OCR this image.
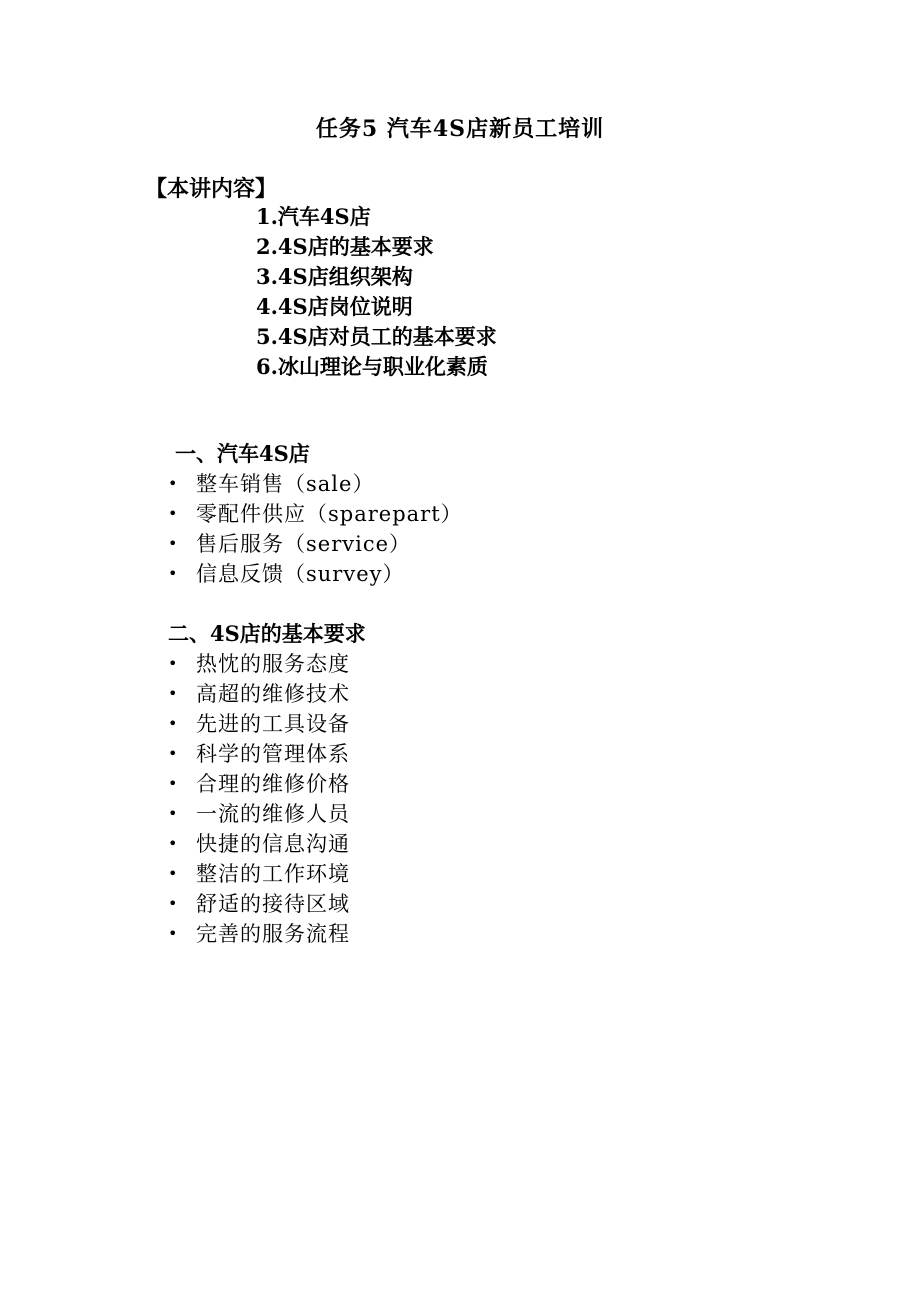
任务5 汽车4S店新员工培训
【本讲内容】
1.汽车4S店
2.4S店的基本要求
3.4S店组织架构
4.4S店岗位说明
5.4S店对员工的基本要求
6.冰山理论与职业化素质
一、汽车4S店
• 整车销售（sale）
• 零配件供应（sparepart）
• 售后服务（service）
• 信息反馈（survey）
二、4S店的基本要求
• 热忱的服务态度
• 高超的维修技术
• 先进的工具设备
• 科学的管理体系
• 合理的维修价格
• 一流的维修人员
• 快捷的信息沟通
• 整洁的工作环境
• 舒适的接待区域
• 完善的服务流程
